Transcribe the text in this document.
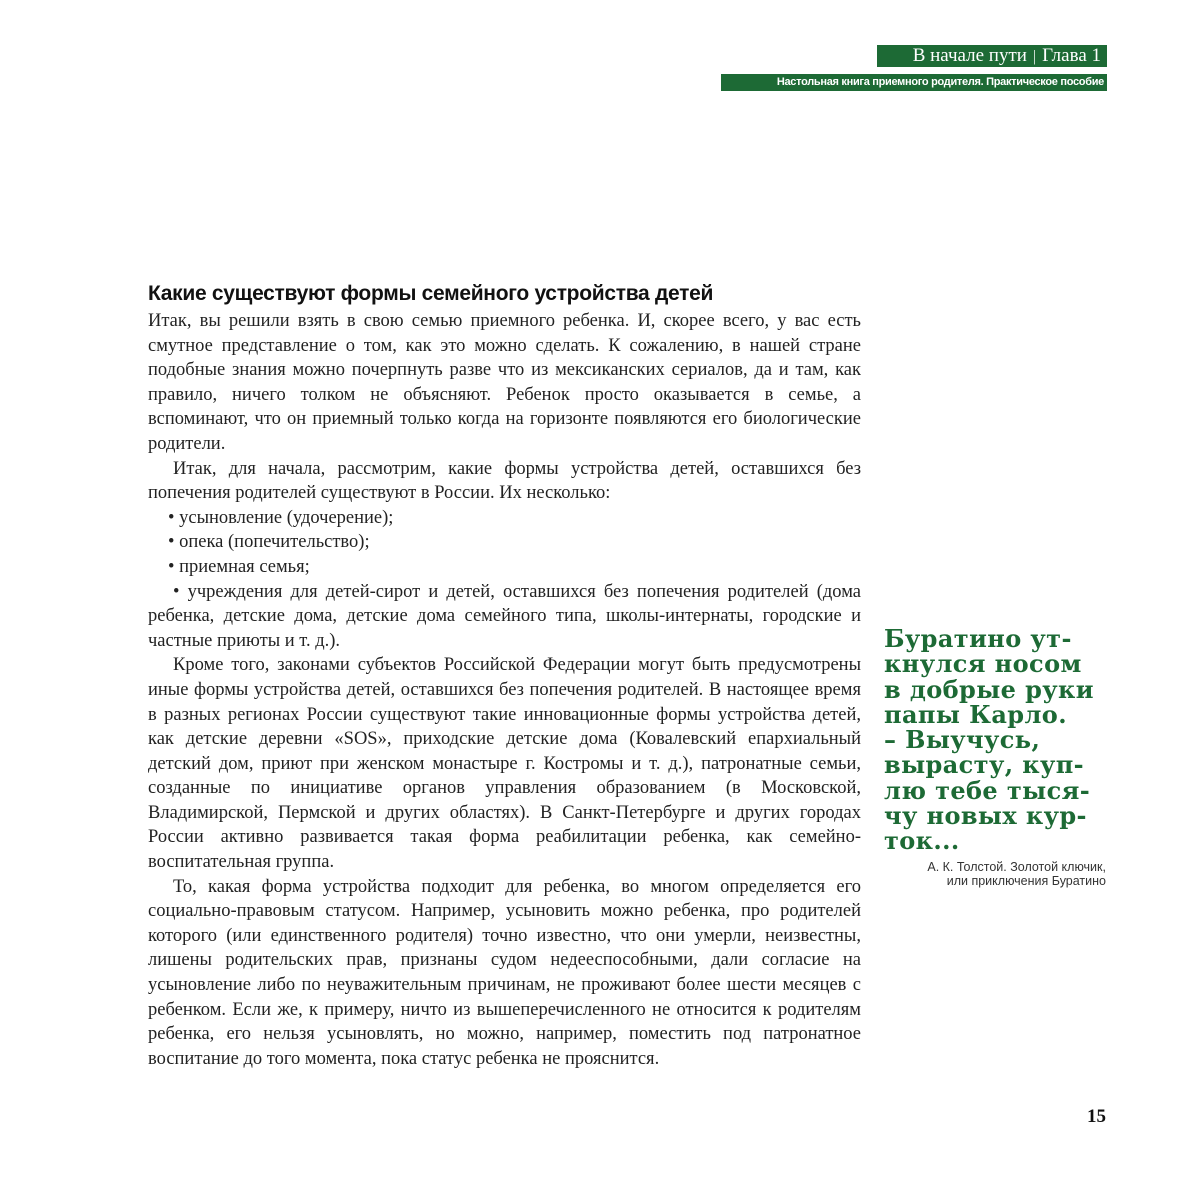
В начале пути | Глава 1
Настольная книга приемного родителя. Практическое пособие
Какие существуют формы семейного устройства детей

Итак, вы решили взять в свою семью приемного ребенка. И, скорее всего, у вас есть смутное представление о том, как это можно сделать. К сожалению, в нашей стране подобные знания можно почерпнуть разве что из мексиканских сериалов, да и там, как правило, ничего толком не объясняют. Ребенок просто оказывается в семье, а вспоминают, что он приемный только когда на горизонте появляются его биологические родители.

Итак, для начала, рассмотрим, какие формы устройства детей, оставшихся без попечения родителей существуют в России. Их несколько:

• усыновление (удочерение);

• опека (попечительство);

• приемная семья;

• учреждения для детей-сирот и детей, оставшихся без попечения родителей (дома ребенка, детские дома, детские дома семейного типа, школы-интернаты, городские и частные приюты и т. д.).

Кроме того, законами субъектов Российской Федерации могут быть предусмотрены иные формы устройства детей, оставшихся без попечения родителей. В настоящее время в разных регионах России существуют такие инновационные формы устройства детей, как детские деревни «SOS», приходские детские дома (Ковалевский епархиальный детский дом, приют при женском монастыре г. Костромы и т. д.), патронатные семьи, созданные по инициативе органов управления образованием (в Московской, Владимирской, Пермской и других областях). В Санкт-Петербурге и других городах России активно развивается такая форма реабилитации ребенка, как семейно-воспитательная группа.

То, какая форма устройства подходит для ребенка, во многом определяется его социально-правовым статусом. Например, усыновить можно ребенка, про родителей которого (или единственного родителя) точно известно, что они умерли, неизвестны, лишены родительских прав, признаны судом недееспособными, дали согласие на усыновление либо по неуважительным причинам, не проживают более шести месяцев с ребенком. Если же, к примеру, ничто из вышеперечисленного не относится к родителям ребенка, его нельзя усыновлять, но можно, например, поместить под патронатное воспитание до того момента, пока статус ребенка не прояснится.

Буратино ут-
кнулся носом
в добрые руки
папы Карло.
– Выучусь,
вырасту, куп-
лю тебе тыся-
чу новых кур-
ток...

А. К. Толстой. Золотой ключик,
или приключения Буратино
15
